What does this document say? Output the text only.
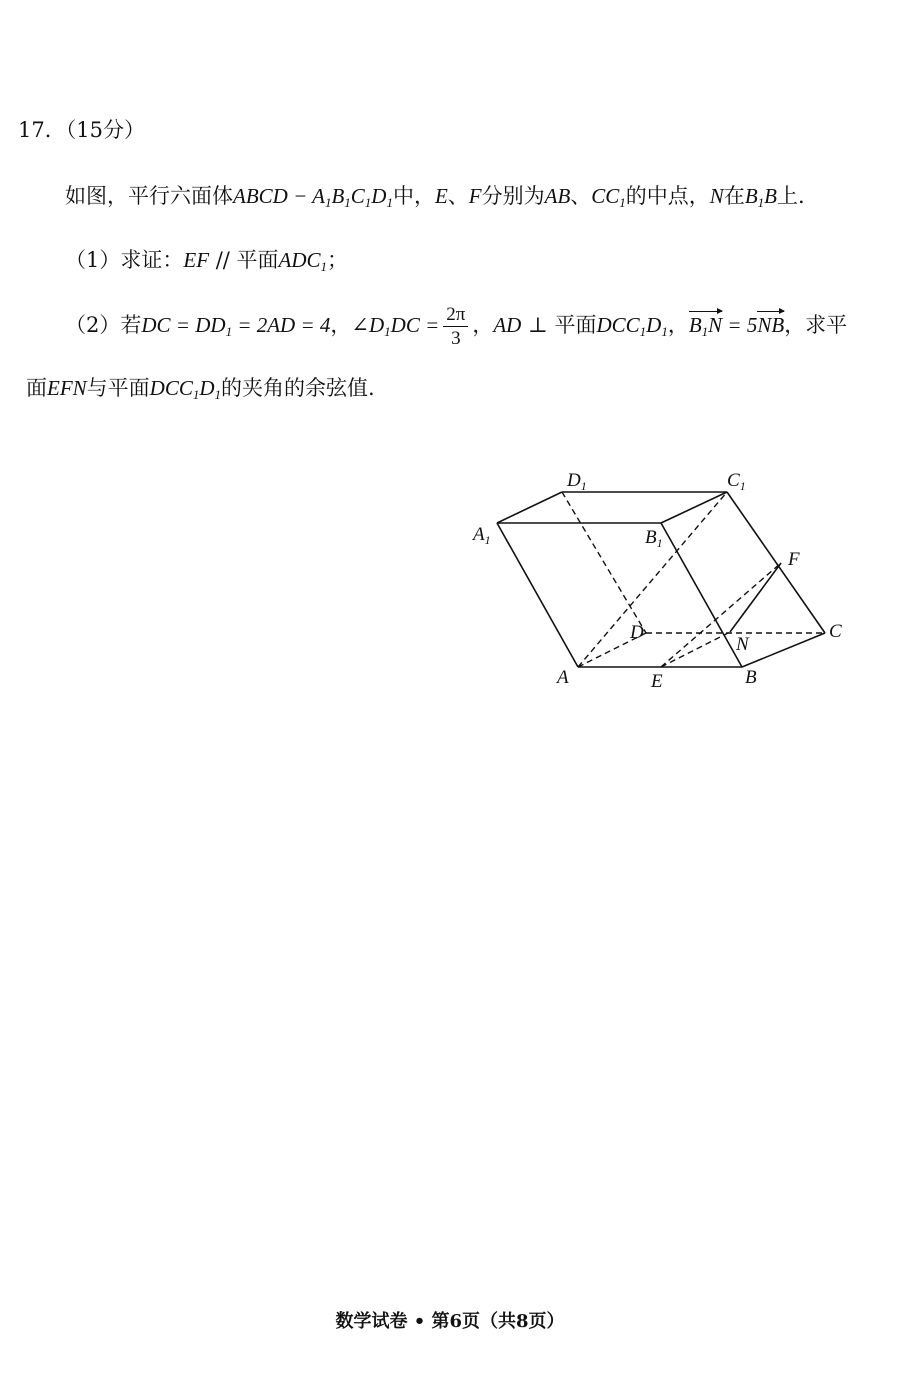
17．（15分）
如图，平行六面体ABCD − $A_1B_1C_1D_1$中，E、F分别为AB、$CC_1$的中点，N在$B_1B$上.
（1）求证：EF // 平面$ADC_1$；
（2）若DC = $DD_1 = 2AD = 4$，$\angle D_1DC = \frac{2\pi}{3}$ ，AD ⊥ 平面$DCC_1D_1$，$B_1N = 5NB$，求平
面EFN与平面$DCC_1D_1$的夹角的余弦值.
$D_1$	$C_1$
$A_1$	$B_1$
D	C
A	E	B
F
N
数学试卷 • 第6页（共8页）
